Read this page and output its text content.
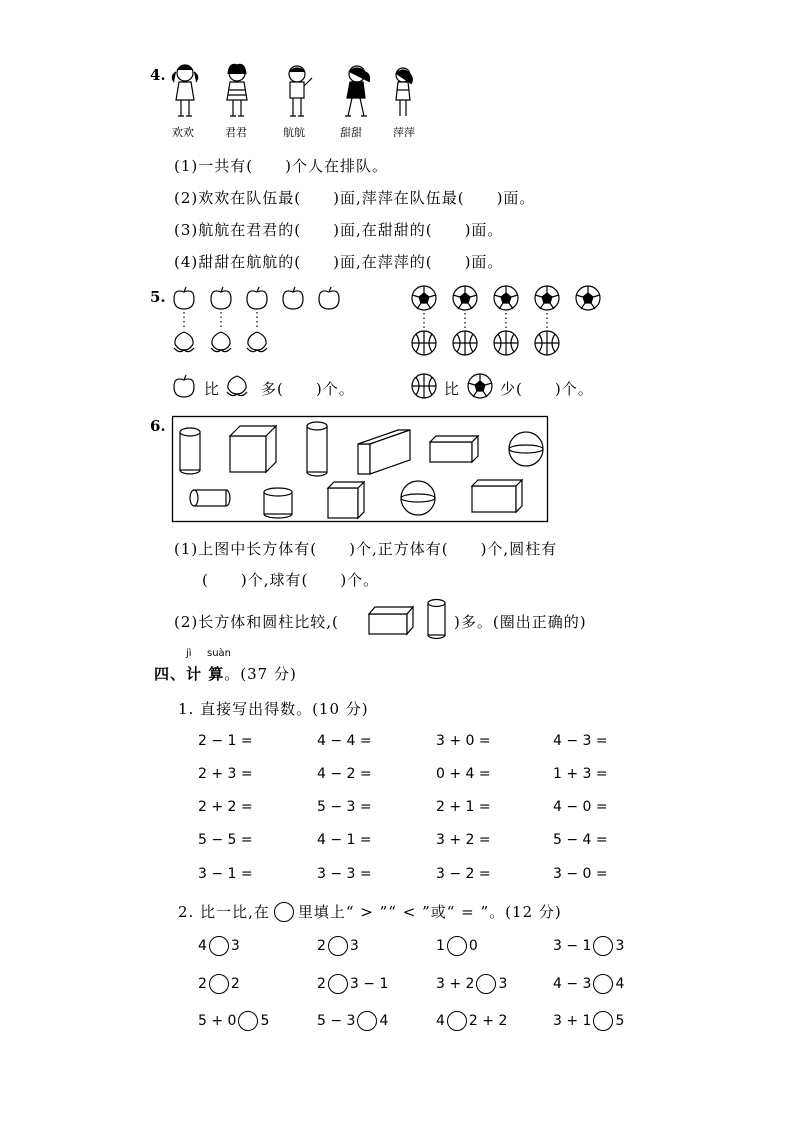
4.
欢欢	君君	航航	甜甜	萍萍
(1)一共有(　　)个人在排队。
(2)欢欢在队伍最(　　)面,萍萍在队伍最(　　)面。
(3)航航在君君的(　　)面,在甜甜的(　　)面。
(4)甜甜在航航的(　　)面,在萍萍的(　　)面。
5.
比	多(　　)个。	比	少(　　)个。
6.
(1)上图中长方体有(　　)个,正方体有(　　)个,圆柱有
(　　)个,球有(　　)个。
(2)长方体和圆柱比较,(	)多。(圈出正确的)
jì suàn
四、计 算。(37 分)
1. 直接写出得数。(10 分)
2 − 1 =	4 − 4 =	3 + 0 =	4 − 3 =
2 + 3 =	4 − 2 =	0 + 4 =	1 + 3 =
2 + 2 =	5 − 3 =	2 + 1 =	4 − 0 =
5 − 5 =	4 − 1 =	3 + 2 =	5 − 4 =
3 − 1 =	3 − 3 =	3 − 2 =	3 − 0 =
2. 比一比,在 里填上“ > ”“ < ”或“ = ”。(12 分)
4 3	2 3	1 0	3 − 1 3
2 2	2 3 − 1	3 + 2 3	4 − 3 4
5 + 0 5	5 − 3 4	4 2 + 2	3 + 1 5
